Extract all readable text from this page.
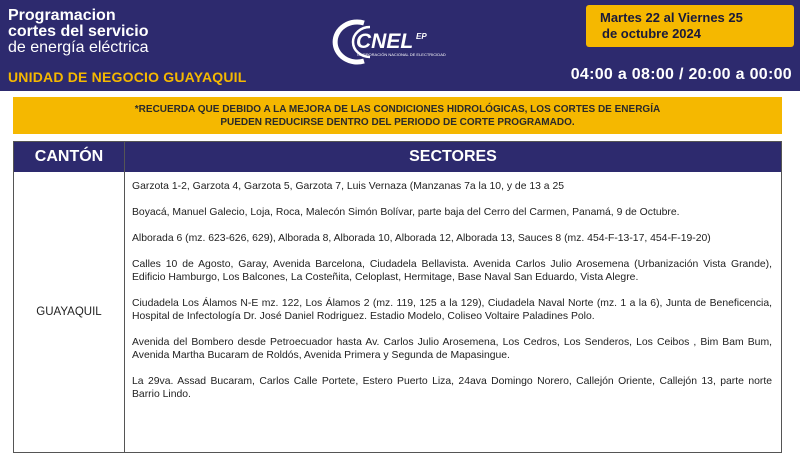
Programacion
cortes del servicio
de energía eléctrica
UNIDAD DE NEGOCIO GUAYAQUIL
CNEL EP
CORPORACIÓN NACIONAL DE ELECTRICIDAD
Martes 22 al Viernes 25
de octubre 2024
04:00 a 08:00 / 20:00 a 00:00
*RECUERDA QUE DEBIDO A LA MEJORA DE LAS CONDICIONES HIDROLÓGICAS, LOS CORTES DE ENERGÍA
PUEDEN REDUCIRSE DENTRO DEL PERIODO DE CORTE PROGRAMADO.
CANTÓN	SECTORES
GUAYAQUIL

Garzota 1-2, Garzota 4, Garzota 5, Garzota 7, Luis Vernaza (Manzanas 7a la 10, y de 13 a 25

Boyacá, Manuel Galecio, Loja, Roca, Malecón Simón Bolívar, parte baja del Cerro del Carmen, Panamá, 9 de Octubre.

Alborada 6 (mz. 623-626, 629), Alborada 8, Alborada 10, Alborada 12, Alborada 13, Sauces 8 (mz. 454-F-13-17, 454-F-19-20)

Calles 10 de Agosto, Garay, Avenida Barcelona, Ciudadela Bellavista. Avenida Carlos Julio Arosemena (Urbanización Vista Grande), Edificio Hamburgo, Los Balcones, La Costeñita, Celoplast, Hermitage, Base Naval San Eduardo, Vista Alegre.

Ciudadela Los Álamos N-E mz. 122, Los Álamos 2 (mz. 119, 125 a la 129), Ciudadela Naval Norte (mz. 1 a la 6), Junta de Beneficencia, Hospital de Infectología Dr. José Daniel Rodriguez. Estadio Modelo, Coliseo Voltaire Paladines Polo.

Avenida del Bombero desde Petroecuador hasta Av. Carlos Julio Arosemena, Los Cedros, Los Senderos, Los Ceibos , Bim Bam Bum, Avenida Martha Bucaram de Roldós, Avenida Primera y Segunda de Mapasingue.

La 29va. Assad Bucaram, Carlos Calle Portete, Estero Puerto Liza, 24ava Domingo Norero, Callejón Oriente, Callejón 13, parte norte Barrio Lindo.
